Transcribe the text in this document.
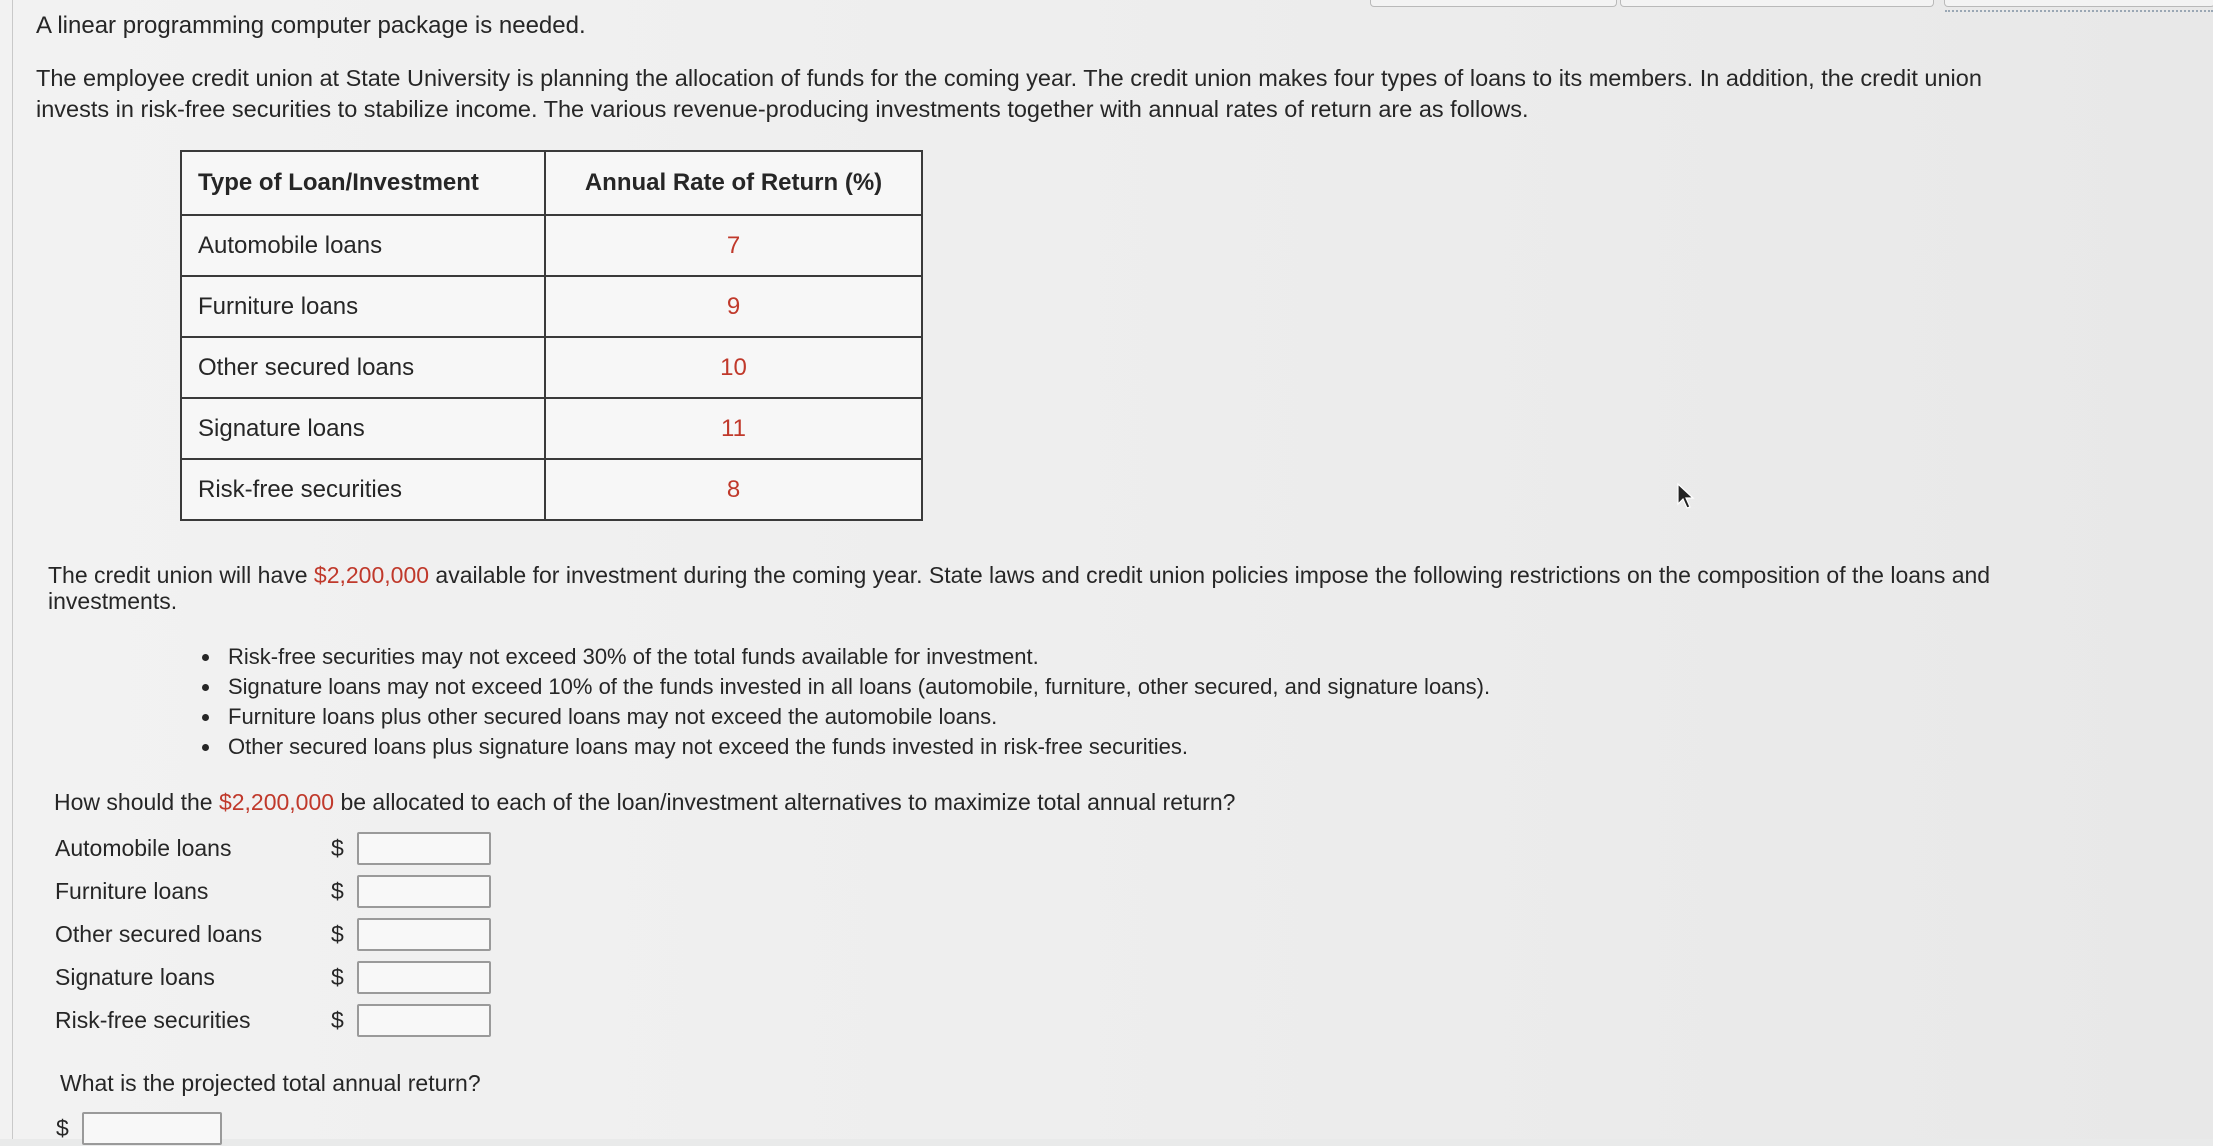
A linear programming computer package is needed.
The employee credit union at State University is planning the allocation of funds for the coming year. The credit union makes four types of loans to its members. In addition, the credit union
invests in risk-free securities to stabilize income. The various revenue-producing investments together with annual rates of return are as follows.
Type of Loan/Investment	Annual Rate of Return (%)
Automobile loans	7
Furniture loans	9
Other secured loans	10
Signature loans	11
Risk-free securities	8
The credit union will have $2,200,000 available for investment during the coming year. State laws and credit union policies impose the following restrictions on the composition of the loans and
investments.
• Risk-free securities may not exceed 30% of the total funds available for investment.
• Signature loans may not exceed 10% of the funds invested in all loans (automobile, furniture, other secured, and signature loans).
• Furniture loans plus other secured loans may not exceed the automobile loans.
• Other secured loans plus signature loans may not exceed the funds invested in risk-free securities.
How should the $2,200,000 be allocated to each of the loan/investment alternatives to maximize total annual return?
Automobile loans	$
Furniture loans	$
Other secured loans	$
Signature loans	$
Risk-free securities	$
What is the projected total annual return?
$
